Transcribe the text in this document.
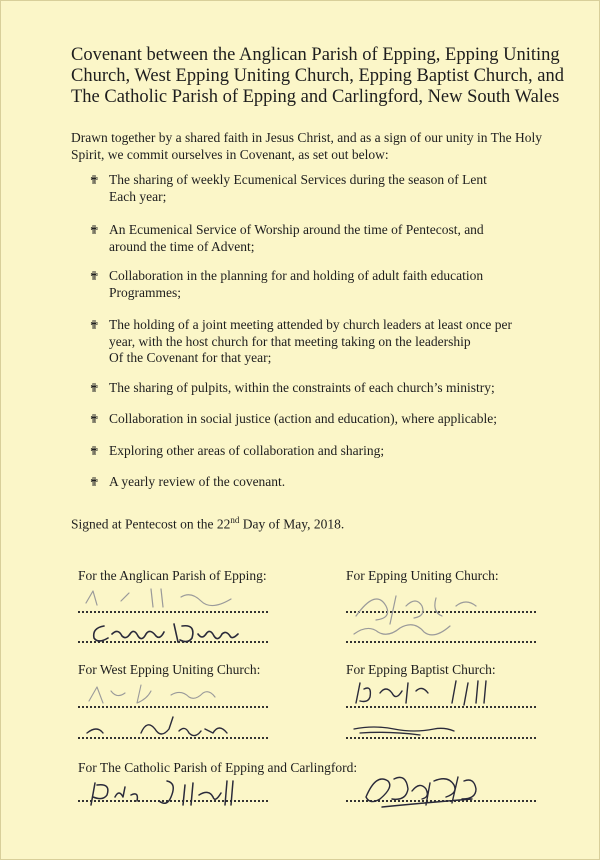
Covenant between the Anglican Parish of Epping, Epping Uniting Church, West Epping Uniting Church, Epping Baptist Church, and The Catholic Parish of Epping and Carlingford, New South Wales

Drawn together by a shared faith in Jesus Christ, and as a sign of our unity in The Holy Spirit, we commit ourselves in Covenant, as set out below:

✟ The sharing of weekly Ecumenical Services during the season of Lent
Each year;
✟ An Ecumenical Service of Worship around the time of Pentecost, and
around the time of Advent;
✟ Collaboration in the planning for and holding of adult faith education
Programmes;
✟ The holding of a joint meeting attended by church leaders at least once per
year, with the host church for that meeting taking on the leadership
Of the Covenant for that year;
✟ The sharing of pulpits, within the constraints of each church’s ministry;
✟ Collaboration in social justice (action and education), where applicable;
✟ Exploring other areas of collaboration and sharing;
✟ A yearly review of the covenant.

Signed at Pentecost on the 22nd Day of May, 2018.

For the Anglican Parish of Epping:	For Epping Uniting Church:

For West Epping Uniting Church:	For Epping Baptist Church:

For The Catholic Parish of Epping and Carlingford:
